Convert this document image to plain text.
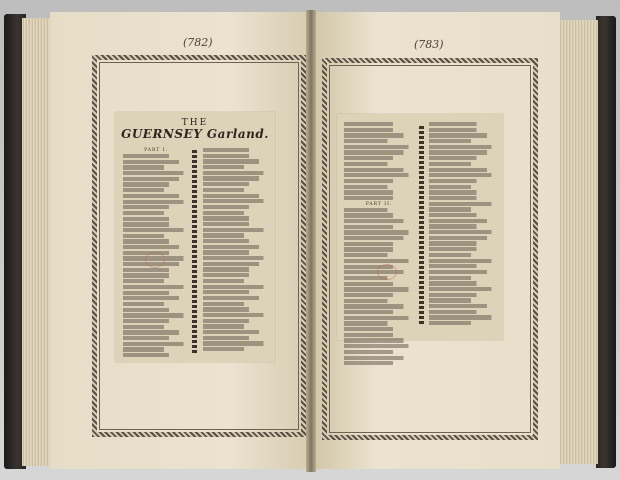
(782)	(783)
THE
GUERNSEY Garland.
PART I.
PART II.
